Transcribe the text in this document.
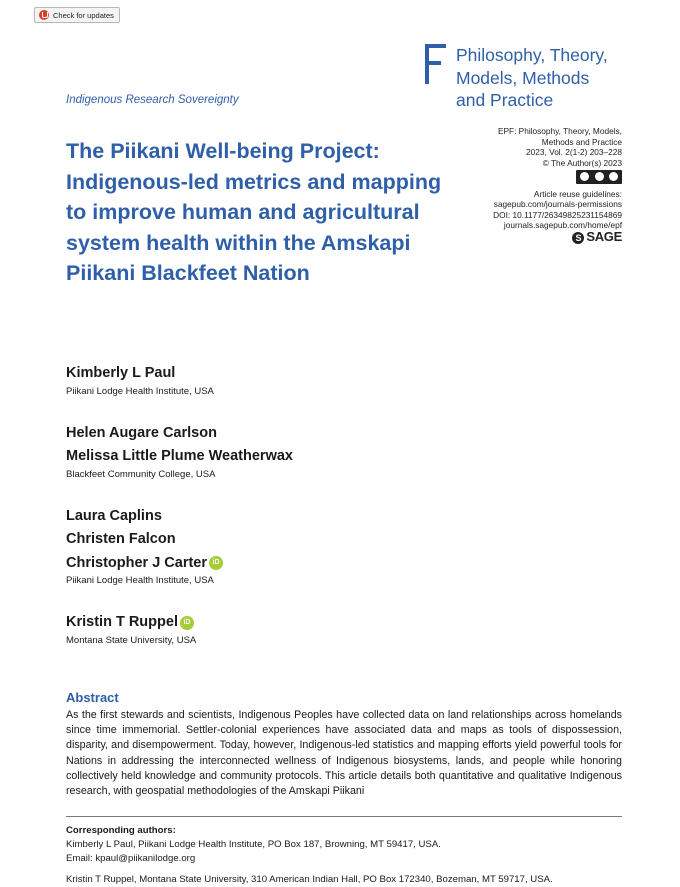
Check for updates
Philosophy, Theory,
Models, Methods
and Practice
Indigenous Research Sovereignty
The Piikani Well-being Project: Indigenous-led metrics and mapping to improve human and agricultural system health within the Amskapi Piikani Blackfeet Nation
EPF: Philosophy, Theory, Models,
Methods and Practice
2023, Vol. 2(1-2) 203–228
© The Author(s) 2023
Article reuse guidelines:
sagepub.com/journals-permissions
DOI: 10.1177/26349825231154869
journals.sagepub.com/home/epf
S SAGE
Kimberly L Paul
Piikani Lodge Health Institute, USA
Helen Augare Carlson
Melissa Little Plume Weatherwax
Blackfeet Community College, USA
Laura Caplins
Christen Falcon
Christopher J Carter iD
Piikani Lodge Health Institute, USA
Kristin T Ruppel iD
Montana State University, USA
Abstract

As the first stewards and scientists, Indigenous Peoples have collected data on land relationships across homelands since time immemorial. Settler-colonial experiences have associated data and maps as tools of dispossession, disparity, and disempowerment. Today, however, Indigenous-led statistics and mapping efforts yield powerful tools for Nations in addressing the interconnected wellness of Indigenous biosystems, lands, and people while honoring collectively held knowledge and community protocols. This article details both quantitative and qualitative Indigenous research, with geospatial methodologies of the Amskapi Piikani

Corresponding authors:
Kimberly L Paul, Piikani Lodge Health Institute, PO Box 187, Browning, MT 59417, USA.
Email: kpaul@piikanilodge.org
Kristin T Ruppel, Montana State University, 310 American Indian Hall, PO Box 172340, Bozeman, MT 59717, USA.
